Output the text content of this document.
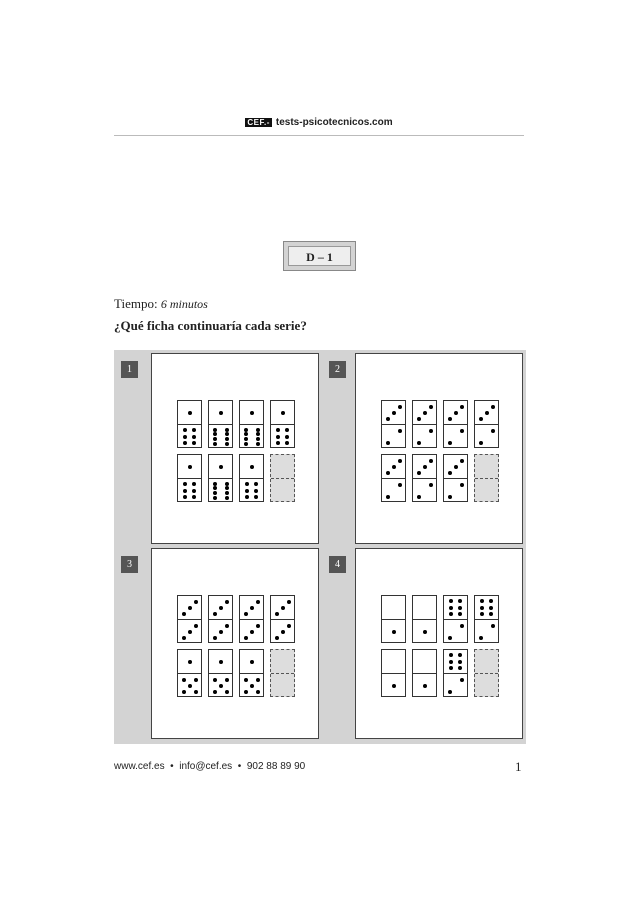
CEF.- tests-psicotecnicos.com
D – 1
Tiempo: 6 minutos
¿Qué ficha continuaría cada serie?
1	2
3	4
www.cef.es • info@cef.es • 902 88 89 90	1
